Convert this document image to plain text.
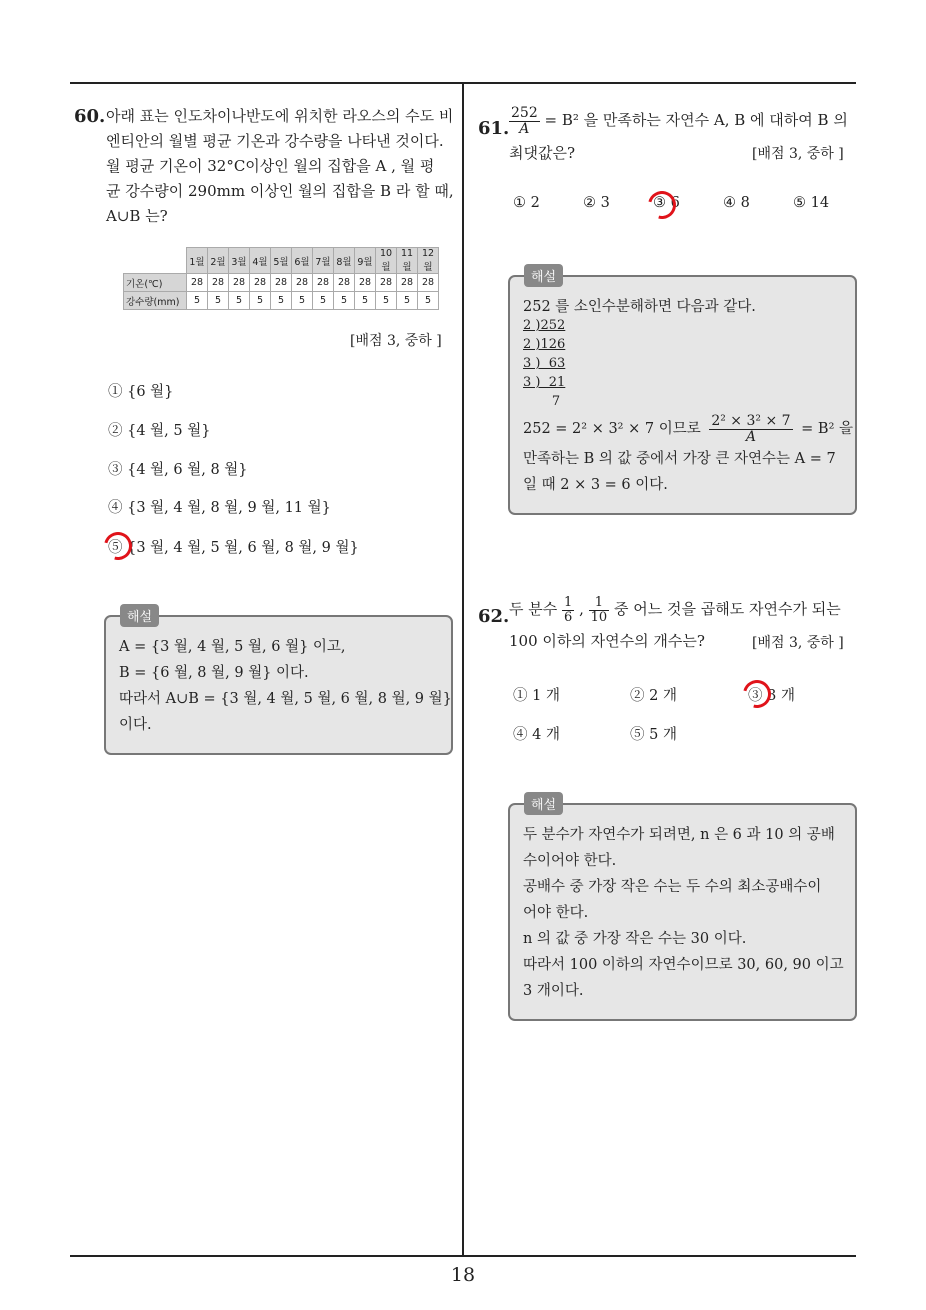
18
60. 아래 표는 인도차이나반도에 위치한 라오스의 수도 비
엔티안의 월별 평균 기온과 강수량을 나타낸 것이다.
월 평균 기온이 32°C이상인 월의 집합을 A , 월 평
균 강수량이 290mm 이상인 월의 집합을 B 라 할 때,
A∪B 는?
	1월	2월	3월	4월	5월	6월	7월	8월	9월	10월	11월	12월
기온(℃)	28	28	28	28	28	28	28	28	28	28	28	28
강수량(mm)	5	5	5	5	5	5	5	5	5	5	5	5
[배점 3, 중하 ]
① {6 월}
② {4 월, 5 월}
③ {4 월, 6 월, 8 월}
④ {3 월, 4 월, 8 월, 9 월, 11 월}
⑤ {3 월, 4 월, 5 월, 6 월, 8 월, 9 월}
해설
A = {3 월, 4 월, 5 월, 6 월} 이고,
B = {6 월, 8 월, 9 월} 이다.
따라서 A∪B = {3 월, 4 월, 5 월, 6 월, 8 월, 9 월}
이다.
61. $\frac{252}{A} = B^2$ 을 만족하는 자연수 A, B 에 대하여 B 의
최댓값은?	[배점 3, 중하 ]
① 2	② 3	③ 6	④ 8	⑤ 14
해설
252 를 소인수분해하면 다음과 같다.
2 )252
2 )126
3 )  63
3 )  21
7
252 = 2² × 3² × 7 이므로 $\frac{\text{2² × 3² × 7}}{A} = B^2$ 을
만족하는 B 의 값 중에서 가장 큰 자연수는 A = 7
일 때 2 × 3 = 6 이다.
62. 두 분수 $\frac{1}{6}$ , $\frac{1}{10}$ 중 어느 것을 곱해도 자연수가 되는
100 이하의 자연수의 개수는?	[배점 3, 중하 ]
① 1 개	② 2 개	③ 3 개
④ 4 개	⑤ 5 개
해설
두 분수가 자연수가 되려면, n 은 6 과 10 의 공배
수이어야 한다.
공배수 중 가장 작은 수는 두 수의 최소공배수이
어야 한다.
n 의 값 중 가장 작은 수는 30 이다.
따라서 100 이하의 자연수이므로 30, 60, 90 이고
3 개이다.
